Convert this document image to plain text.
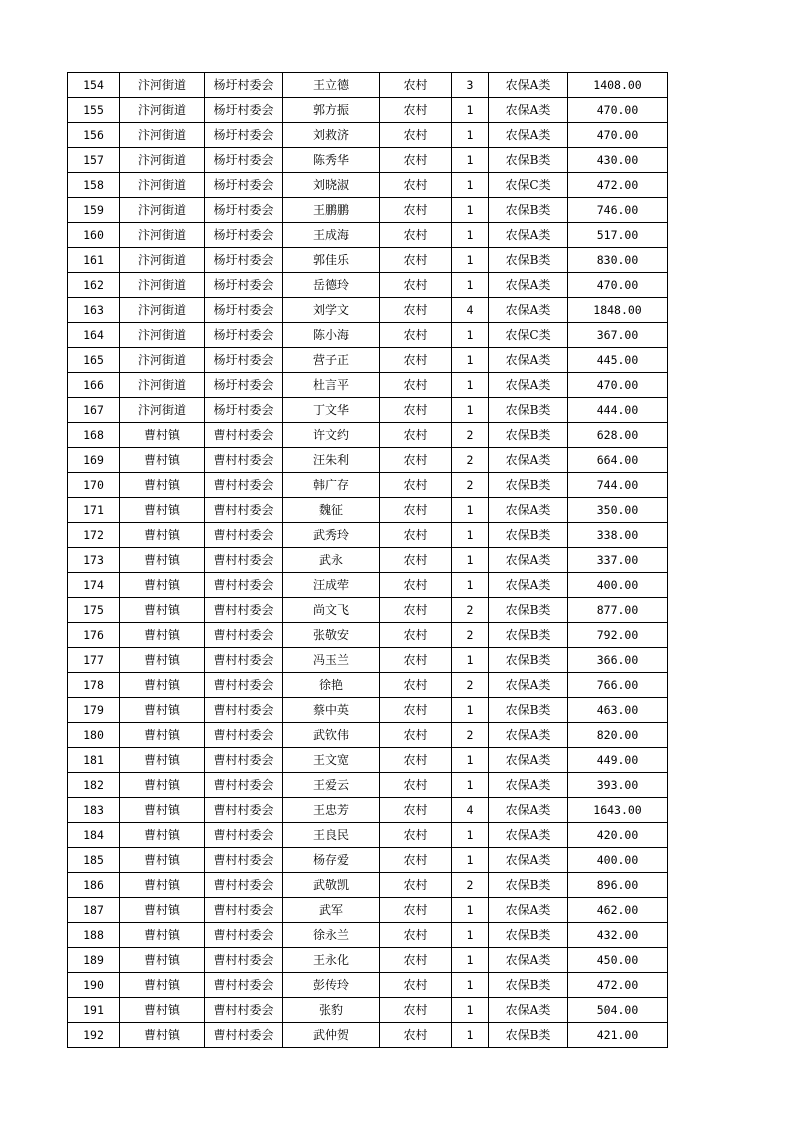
154	汴河街道	杨圩村委会	王立德	农村	3	农保A类	1408.00
155	汴河街道	杨圩村委会	郭方振	农村	1	农保A类	470.00
156	汴河街道	杨圩村委会	刘救济	农村	1	农保A类	470.00
157	汴河街道	杨圩村委会	陈秀华	农村	1	农保B类	430.00
158	汴河街道	杨圩村委会	刘晓淑	农村	1	农保C类	472.00
159	汴河街道	杨圩村委会	王鹏鹏	农村	1	农保B类	746.00
160	汴河街道	杨圩村委会	王成海	农村	1	农保A类	517.00
161	汴河街道	杨圩村委会	郭佳乐	农村	1	农保B类	830.00
162	汴河街道	杨圩村委会	岳德玲	农村	1	农保A类	470.00
163	汴河街道	杨圩村委会	刘学文	农村	4	农保A类	1848.00
164	汴河街道	杨圩村委会	陈小海	农村	1	农保C类	367.00
165	汴河街道	杨圩村委会	营子正	农村	1	农保A类	445.00
166	汴河街道	杨圩村委会	杜言平	农村	1	农保A类	470.00
167	汴河街道	杨圩村委会	丁文华	农村	1	农保B类	444.00
168	曹村镇	曹村村委会	许文约	农村	2	农保B类	628.00
169	曹村镇	曹村村委会	汪朱利	农村	2	农保A类	664.00
170	曹村镇	曹村村委会	韩广存	农村	2	农保B类	744.00
171	曹村镇	曹村村委会	魏征	农村	1	农保A类	350.00
172	曹村镇	曹村村委会	武秀玲	农村	1	农保B类	338.00
173	曹村镇	曹村村委会	武永	农村	1	农保A类	337.00
174	曹村镇	曹村村委会	汪成荦	农村	1	农保A类	400.00
175	曹村镇	曹村村委会	尚文飞	农村	2	农保B类	877.00
176	曹村镇	曹村村委会	张敬安	农村	2	农保B类	792.00
177	曹村镇	曹村村委会	冯玉兰	农村	1	农保B类	366.00
178	曹村镇	曹村村委会	徐艳	农村	2	农保A类	766.00
179	曹村镇	曹村村委会	蔡中英	农村	1	农保B类	463.00
180	曹村镇	曹村村委会	武钦伟	农村	2	农保A类	820.00
181	曹村镇	曹村村委会	王文宽	农村	1	农保A类	449.00
182	曹村镇	曹村村委会	王爱云	农村	1	农保A类	393.00
183	曹村镇	曹村村委会	王忠芳	农村	4	农保A类	1643.00
184	曹村镇	曹村村委会	王良民	农村	1	农保A类	420.00
185	曹村镇	曹村村委会	杨存爱	农村	1	农保A类	400.00
186	曹村镇	曹村村委会	武敬凯	农村	2	农保B类	896.00
187	曹村镇	曹村村委会	武军	农村	1	农保A类	462.00
188	曹村镇	曹村村委会	徐永兰	农村	1	农保B类	432.00
189	曹村镇	曹村村委会	王永化	农村	1	农保A类	450.00
190	曹村镇	曹村村委会	彭传玲	农村	1	农保B类	472.00
191	曹村镇	曹村村委会	张豹	农村	1	农保A类	504.00
192	曹村镇	曹村村委会	武仲贺	农村	1	农保B类	421.00
